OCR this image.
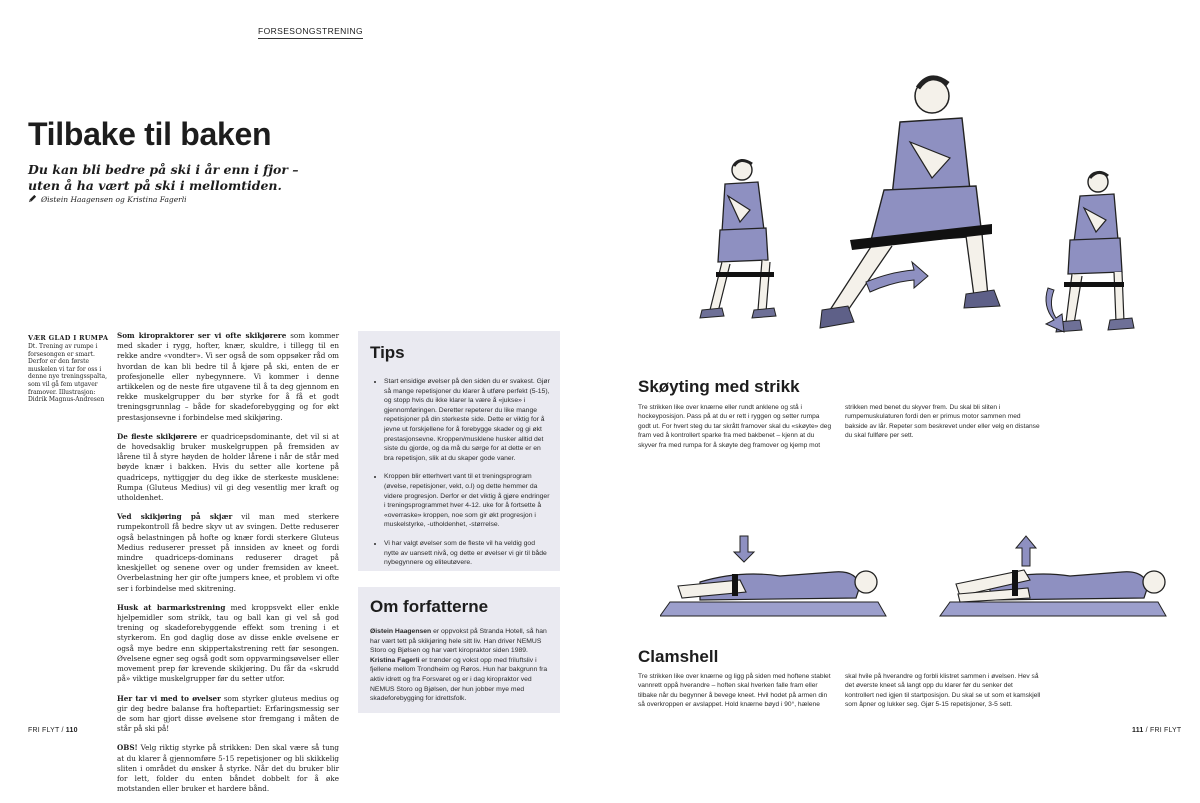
FORSESONGSTRENING
Tilbake til baken

Du kan bli bedre på ski i år enn i fjor – uten å ha vært på ski i mellomtiden.

Øistein Haagensen og Kristina Fagerli
VÆR GLAD I RUMPA

Dt. Trening av rumpe i forsesongen er smart. Derfor er den første muskelen vi tar for oss i denne nye treningsspalta, som vil gå fem utgaver framover. Illustrasjon: Didrik Magnus-Andresen

Som kiropraktorer ser vi ofte skikjørere som kommer med skader i rygg, hofter, knær, skuldre, i tillegg til en rekke andre «vondter». Vi ser også de som oppsøker råd om hvordan de kan bli bedre til å kjøre på ski, enten de er profesjonelle eller nybegynnere. Vi kommer i denne artikkelen og de neste fire utgavene til å ta deg gjennom en rekke muskelgrupper du bør styrke for å få et godt treningsgrunnlag – både for skadeforebygging og for økt prestasjonsevne i forbindelse med skikjøring.

De fleste skikjørere er quadricepsdominante, det vil si at de hovedsaklig bruker muskelgruppen på fremsiden av lårene til å styre høyden de holder lårene i når de står med bøyde knær i bakken. Hvis du setter alle kortene på quadriceps, nyttiggjør du deg ikke de sterkeste musklene: Rumpa (Gluteus Medius) vil gi deg vesentlig mer kraft og utholdenhet.

Ved skikjøring på skjær vil man med sterkere rumpekontroll få bedre skyv ut av svingen. Dette reduserer også belastningen på hofte og knær fordi sterkere Gluteus Medius reduserer presset på innsiden av kneet og fordi mindre quadriceps-dominans reduserer draget på kneskjellet og senene over og under fremsiden av kneet. Overbelastning her gir ofte jumpers knee, et problem vi ofte ser i forbindelse med skitrening.

Husk at barmarkstrening med kroppsvekt eller enkle hjelpemidler som strikk, tau og ball kan gi vel så god trening og skadeforebyggende effekt som trening i et styrkerom. En god daglig dose av disse enkle øvelsene er også mye bedre enn skippertakstrening rett før sesongen. Øvelsene egner seg også godt som oppvarmingsøvelser eller movement prep før krevende skikjøring. Du får da «skrudd på» viktige muskelgrupper før du setter utfor.

Her tar vi med to øvelser som styrker gluteus medius og gir deg bedre balanse fra hoftepartiet: Erfaringsmessig ser de som har gjort disse øvelsene stor fremgang i måten de står på ski på!

OBS! Velg riktig styrke på strikken: Den skal være så tung at du klarer å gjennomføre 5-15 repetisjoner og bli skikkelig sliten i området du ønsker å styrke. Når det du bruker blir for lett, folder du enten båndet dobbelt for å øke motstanden eller bruker et hardere bånd.

Tips
• Start ensidige øvelser på den siden du er svakest. Gjør så mange repetisjoner du klarer å utføre perfekt (5-15), og stopp hvis du ikke klarer la være å «jukse» i gjennomføringen. Deretter repeterer du like mange repetisjoner på din sterkeste side. Dette er viktig for å jevne ut forskjellene for å forebygge skader og gi økt prestasjonsevne. Kroppen/musklene husker alltid det siste du gjorde, og da må du sørge for at dette er en bra repetisjon, slik at du skaper gode vaner.
• Kroppen blir etterhvert vant til et treningsprogram (øvelse, repetisjoner, vekt, o.l) og dette hemmer da videre progresjon. Derfor er det viktig å gjøre endringer i treningsprogrammet hver 4-12. uke for å fortsette å «overraske» kroppen, noe som gir økt progresjon i muskelstyrke, -utholdenhet, -størrelse.
• Vi har valgt øvelser som de fleste vil ha veldig god nytte av uansett nivå, og dette er øvelser vi gir til både nybegynnere og eliteutøvere.
Om forfatterne

Øistein Haagensen er oppvokst på Stranda Hotell, så han har vært tett på skikjøring hele sitt liv. Han driver NEMUS Storo og Bjølsen og har vært kiropraktor siden 1989.

Kristina Fagerli er trønder og vokst opp med friluftsliv i fjellene mellom Trondheim og Røros. Hun har bakgrunn fra aktiv idrett og fra Forsvaret og er i dag kiropraktor ved NEMUS Storo og Bjølsen, der hun jobber mye med skadeforebygging for idrettsfolk.

Skøyting med strikk

Tre strikken like over knærne eller rundt anklene og stå i hockeyposisjon. Pass på at du er rett i ryggen og setter rumpa godt ut. For hvert steg du tar skrått framover skal du «skøyte» deg fram ved å kontrollert sparke fra med bakbenet – kjenn at du skyver fra med rumpa for å skøyte deg framover og kjemp mot

strikken med benet du skyver frem. Du skal bli sliten i rumpemuskulaturen fordi den er primus motor sammen med bakside av lår. Repeter som beskrevet under eller velg en distanse du skal fullføre per sett.

Clamshell

Tre strikken like over knærne og ligg på siden med hoftene stablet vannrett oppå hverandre – hoften skal hverken falle fram eller tilbake når du begynner å bevege kneet. Hvil hodet på armen din så overkroppen er avslappet. Hold knærne bøyd i 90°, hælene

skal hvile på hverandre og forbli klistret sammen i øvelsen. Hev så det øverste kneet så langt opp du klarer før du senker det kontrollert ned igjen til startposisjon. Du skal se ut som et kamskjell som åpner og lukker seg. Gjør 5-15 repetisjoner, 3-5 sett.

FRI FLYT / 110	111 / FRI FLYT
